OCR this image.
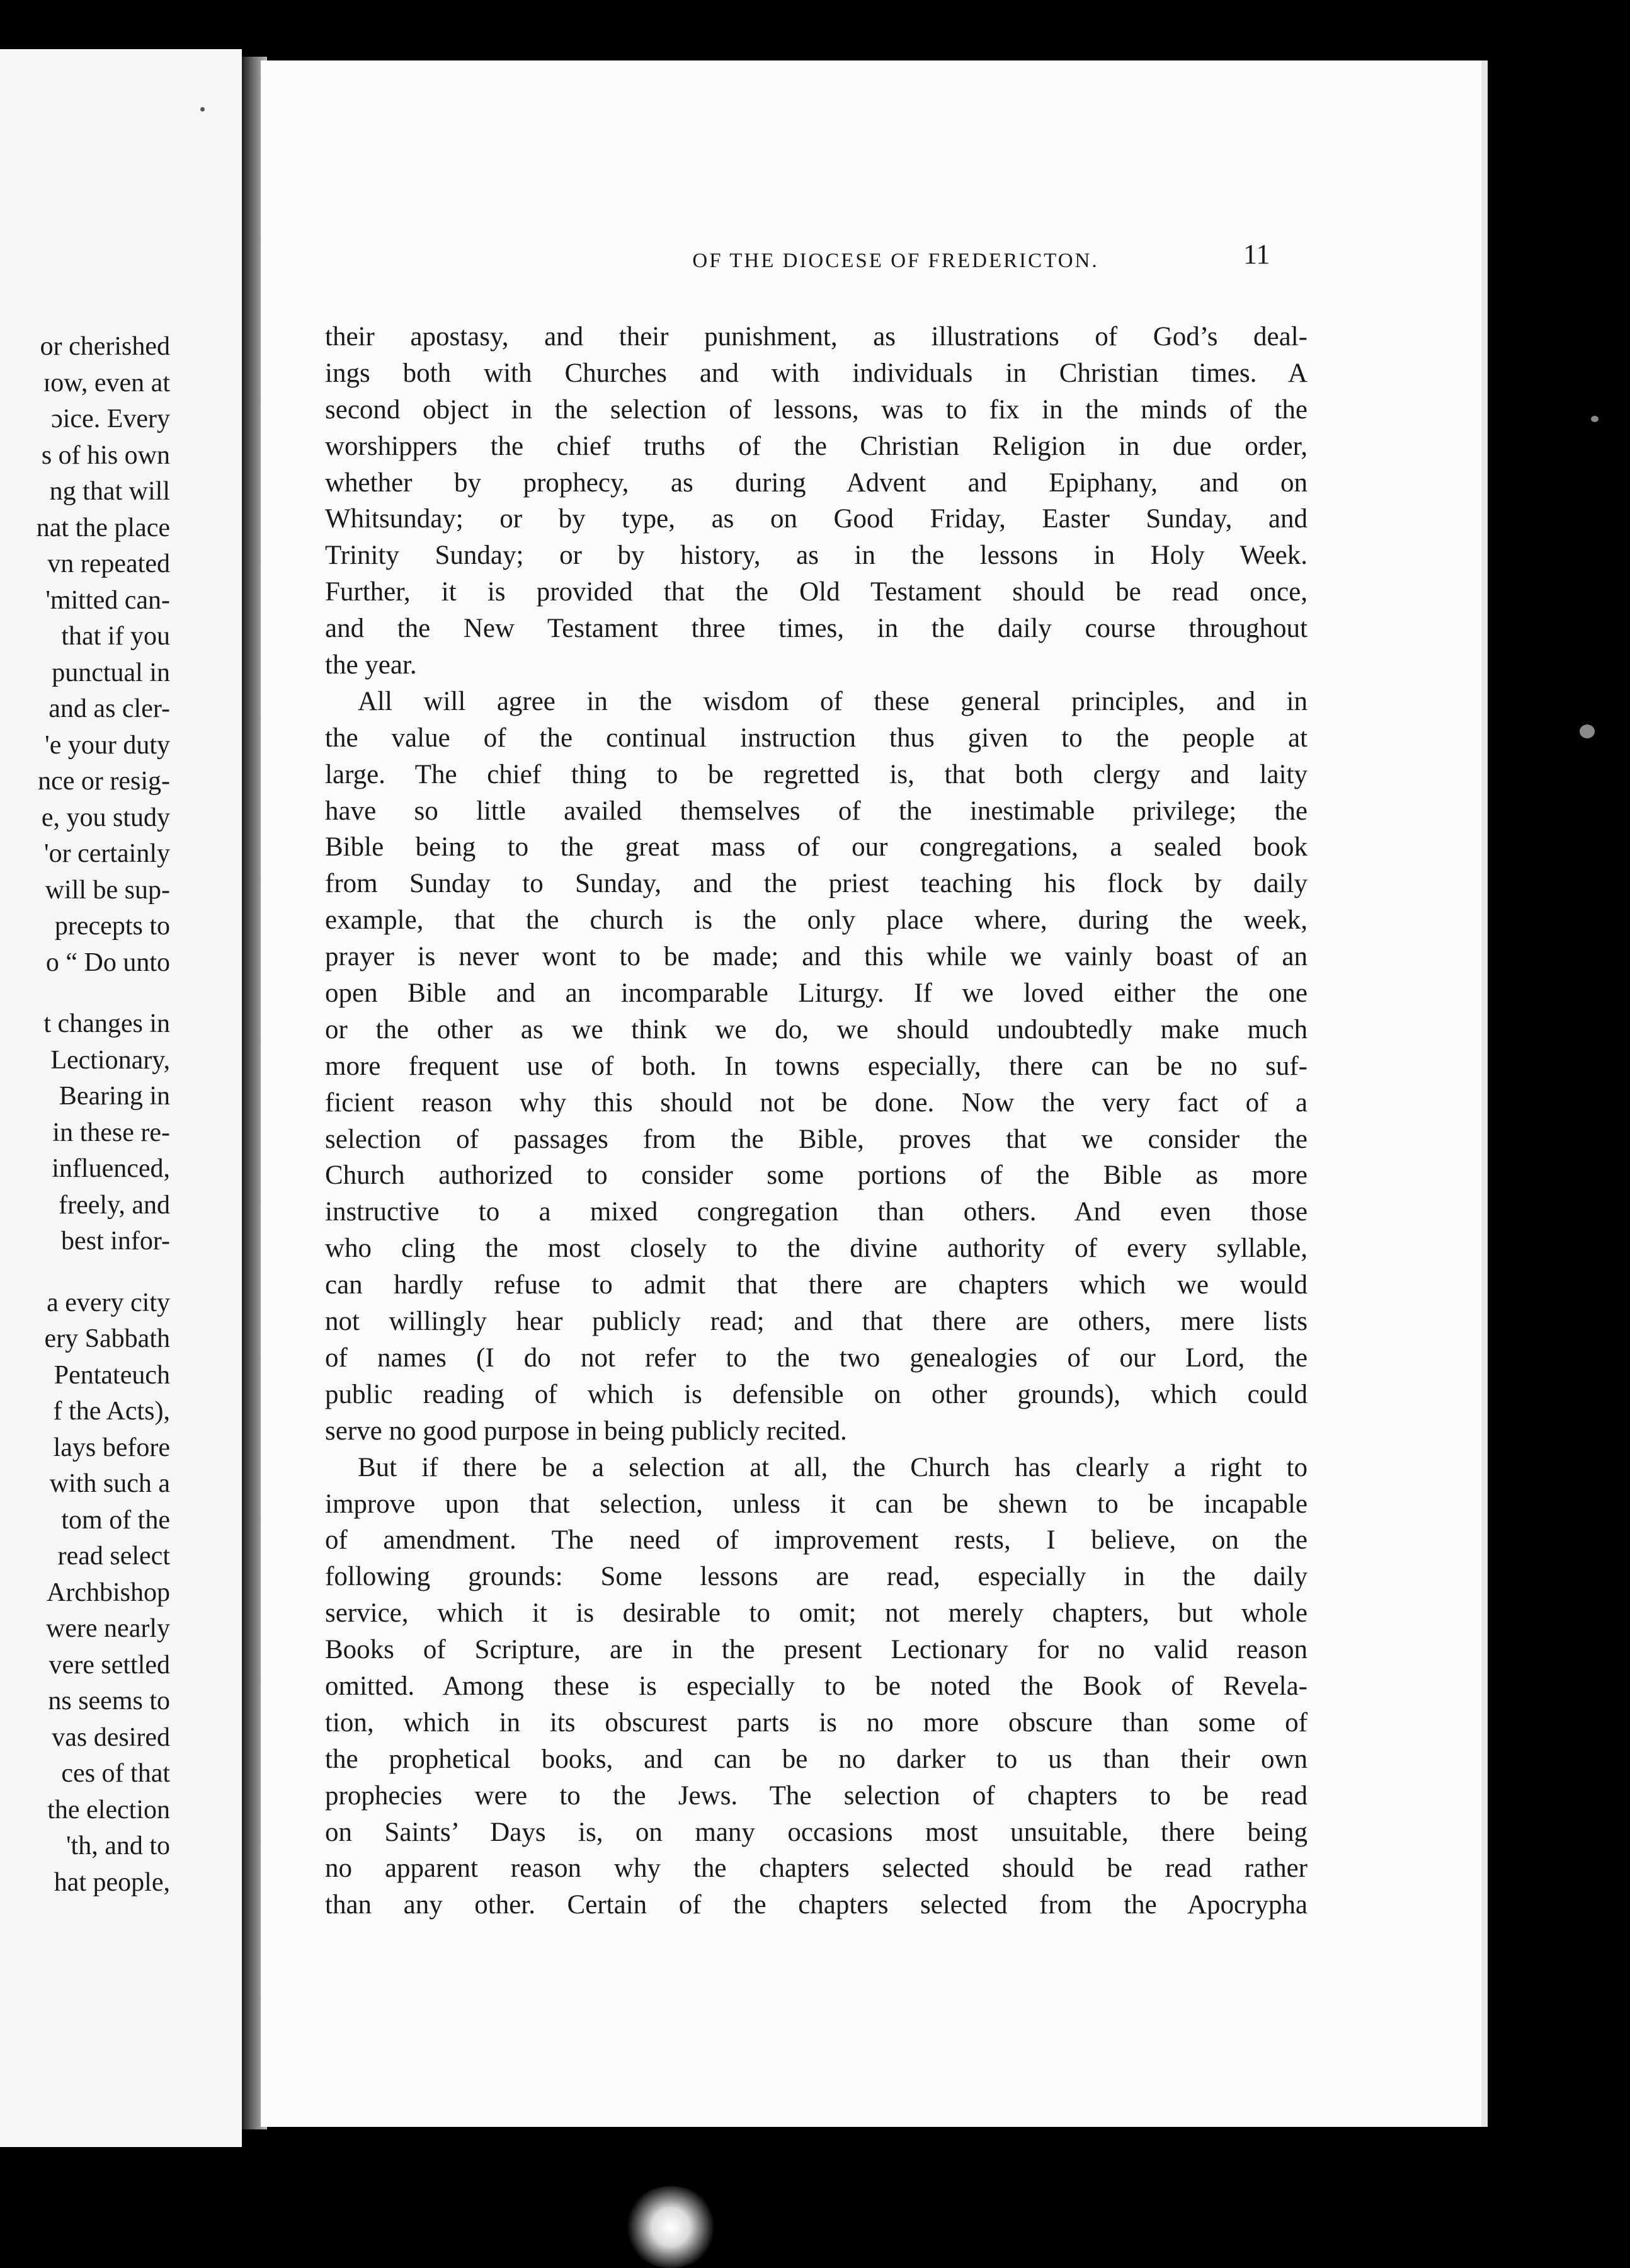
or cherished
ɪow, even at
ɔice. Every
s of his own
ng that will
nat the place
vn repeated
'mitted can-
that if you
punctual in
and as cler-
'e your duty
nce or resig-
e, you study
'or certainly
will be sup-
precepts to
o “ Do unto
t changes in
Lectionary,
Bearing in
in these re-
influenced,
freely, and
best infor-
a every city
ery Sabbath
Pentateuch
f the Acts),
lays before
with such a
tom of the
read select
Archbishop
were nearly
vere settled
ns seems to
vas desired
ces of that
the election
'th, and to
hat people,
OF THE DIOCESE OF FREDERICTON.	11
their apostasy, and their punishment, as illustrations of God’s deal-
ings both with Churches and with individuals in Christian times. A
second object in the selection of lessons, was to fix in the minds of the
worshippers the chief truths of the Christian Religion in due order,
whether by prophecy, as during Advent and Epiphany, and on
Whitsunday; or by type, as on Good Friday, Easter Sunday, and
Trinity Sunday; or by history, as in the lessons in Holy Week.
Further, it is provided that the Old Testament should be read once,
and the New Testament three times, in the daily course throughout
the year.
All will agree in the wisdom of these general principles, and in
the value of the continual instruction thus given to the people at
large. The chief thing to be regretted is, that both clergy and laity
have so little availed themselves of the inestimable privilege; the
Bible being to the great mass of our congregations, a sealed book
from Sunday to Sunday, and the priest teaching his flock by daily
example, that the church is the only place where, during the week,
prayer is never wont to be made; and this while we vainly boast of an
open Bible and an incomparable Liturgy. If we loved either the one
or the other as we think we do, we should undoubtedly make much
more frequent use of both. In towns especially, there can be no suf-
ficient reason why this should not be done. Now the very fact of a
selection of passages from the Bible, proves that we consider the
Church authorized to consider some portions of the Bible as more
instructive to a mixed congregation than others. And even those
who cling the most closely to the divine authority of every syllable,
can hardly refuse to admit that there are chapters which we would
not willingly hear publicly read; and that there are others, mere lists
of names (I do not refer to the two genealogies of our Lord, the
public reading of which is defensible on other grounds), which could
serve no good purpose in being publicly recited.
But if there be a selection at all, the Church has clearly a right to
improve upon that selection, unless it can be shewn to be incapable
of amendment. The need of improvement rests, I believe, on the
following grounds: Some lessons are read, especially in the daily
service, which it is desirable to omit; not merely chapters, but whole
Books of Scripture, are in the present Lectionary for no valid reason
omitted. Among these is especially to be noted the Book of Revela-
tion, which in its obscurest parts is no more obscure than some of
the prophetical books, and can be no darker to us than their own
prophecies were to the Jews. The selection of chapters to be read
on Saints’ Days is, on many occasions most unsuitable, there being
no apparent reason why the chapters selected should be read rather
than any other. Certain of the chapters selected from the Apocrypha
